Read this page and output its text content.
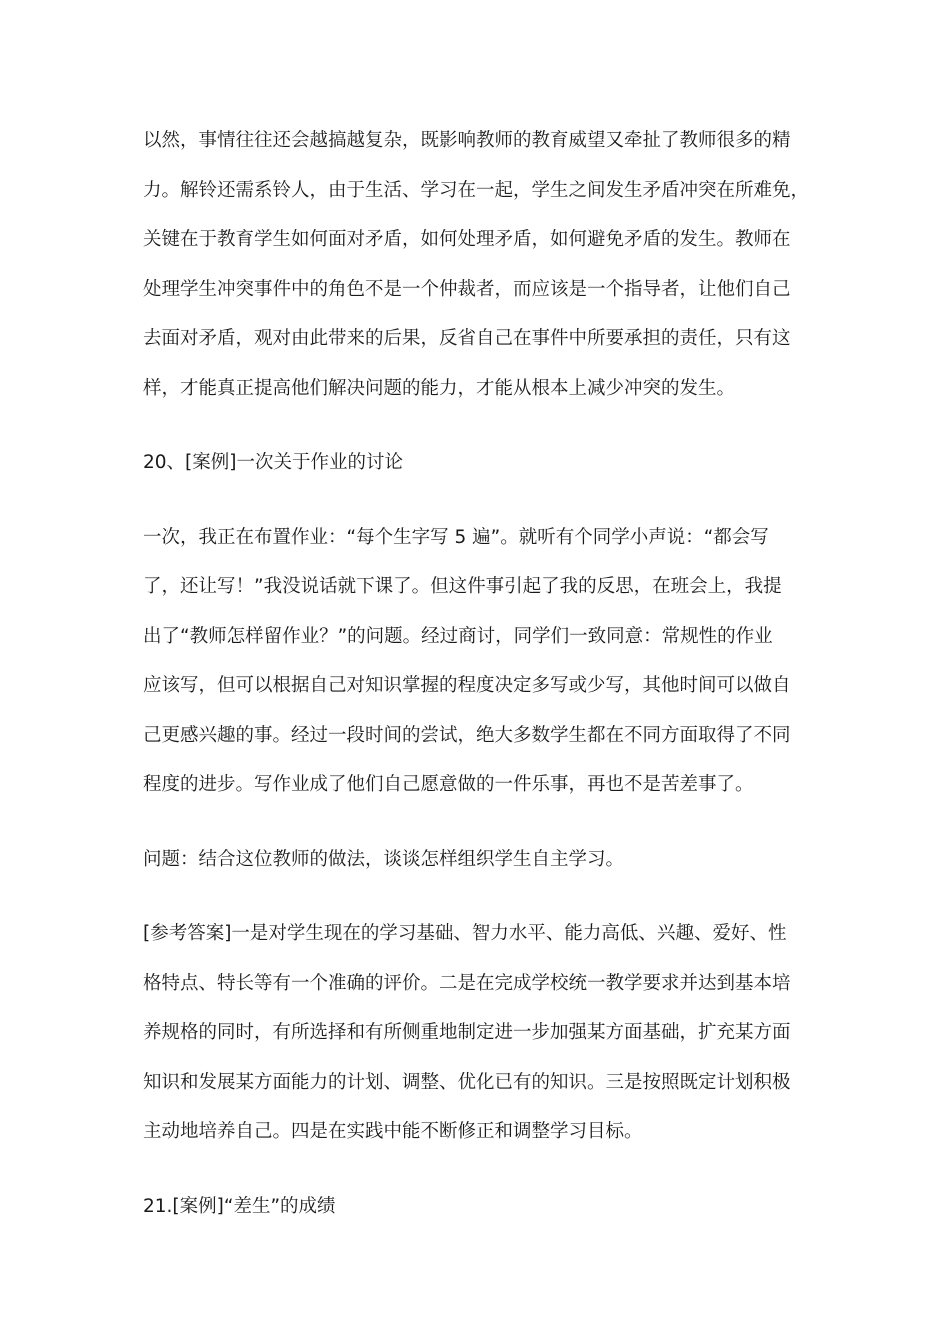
以然，事情往往还会越搞越复杂，既影响教师的教育威望又牵扯了教师很多的精
力。解铃还需系铃人，由于生活、学习在一起，学生之间发生矛盾冲突在所难免，
关键在于教育学生如何面对矛盾，如何处理矛盾，如何避免矛盾的发生。教师在
处理学生冲突事件中的角色不是一个仲裁者，而应该是一个指导者，让他们自己
去面对矛盾，观对由此带来的后果，反省自己在事件中所要承担的责任，只有这
样，才能真正提高他们解决问题的能力，才能从根本上减少冲突的发生。
20、[案例]一次关于作业的讨论
一次，我正在布置作业：“每个生字写 5 遍”。就听有个同学小声说：“都会写
了，还让写！”我没说话就下课了。但这件事引起了我的反思，在班会上，我提
出了“教师怎样留作业？”的问题。经过商讨，同学们一致同意：常规性的作业
应该写，但可以根据自己对知识掌握的程度决定多写或少写，其他时间可以做自
己更感兴趣的事。经过一段时间的尝试，绝大多数学生都在不同方面取得了不同
程度的进步。写作业成了他们自己愿意做的一件乐事，再也不是苦差事了。
问题：结合这位教师的做法，谈谈怎样组织学生自主学习。
[参考答案]一是对学生现在的学习基础、智力水平、能力高低、兴趣、爱好、性
格特点、特长等有一个准确的评价。二是在完成学校统一教学要求并达到基本培
养规格的同时，有所选择和有所侧重地制定进一步加强某方面基础，扩充某方面
知识和发展某方面能力的计划、调整、优化已有的知识。三是按照既定计划积极
主动地培养自己。四是在实践中能不断修正和调整学习目标。
21.[案例]“差生”的成绩
